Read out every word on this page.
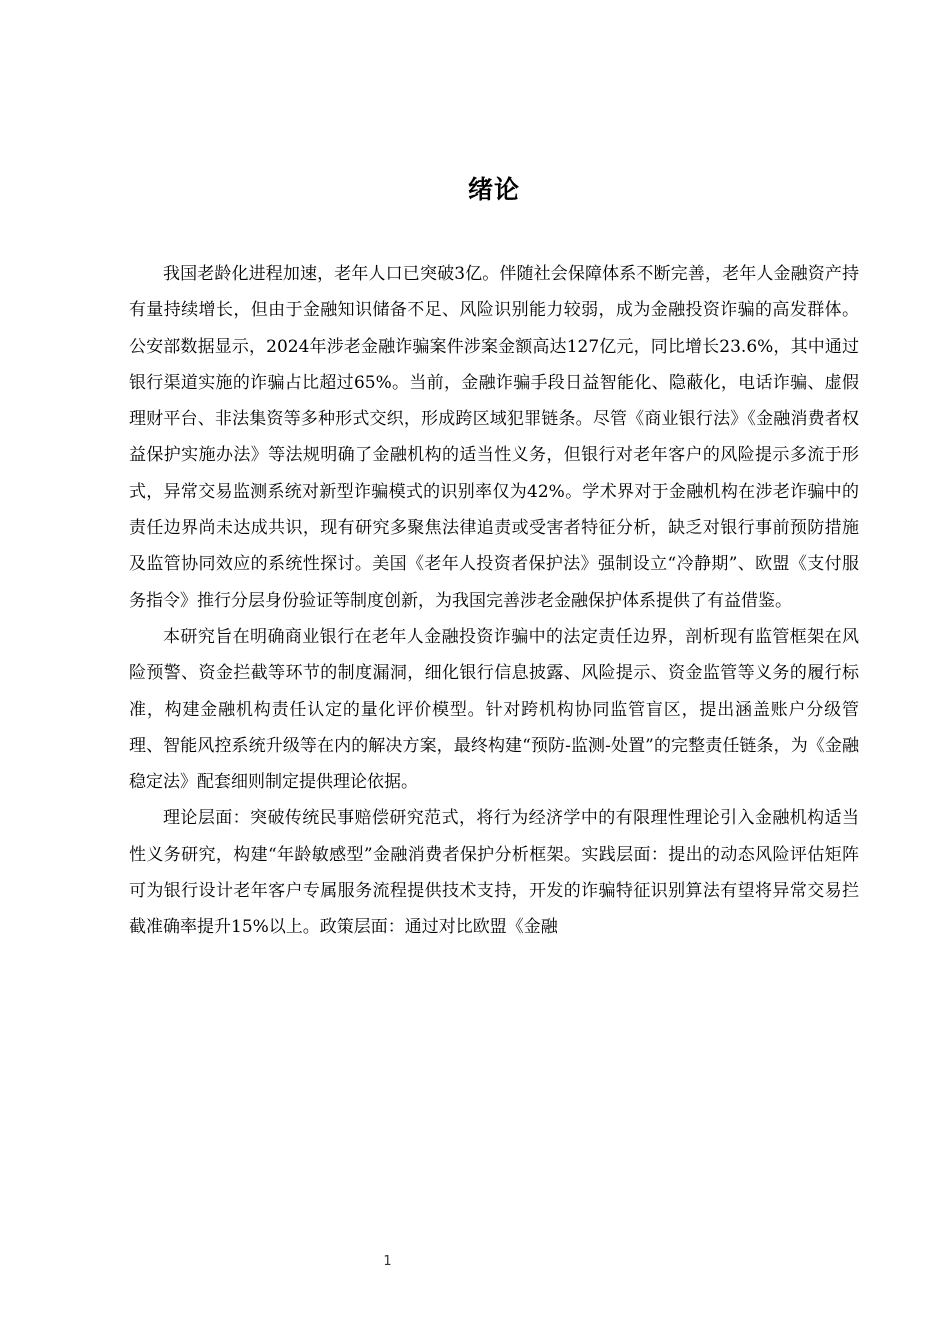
绪论

我国老龄化进程加速，老年人口已突破3亿。伴随社会保障体系不断完善，老年人金融资产持有量持续增长，但由于金融知识储备不足、风险识别能力较弱，成为金融投资诈骗的高发群体。公安部数据显示，2024年涉老金融诈骗案件涉案金额高达127亿元，同比增长23.6%，其中通过银行渠道实施的诈骗占比超过65%。当前，金融诈骗手段日益智能化、隐蔽化，电话诈骗、虚假理财平台、非法集资等多种形式交织，形成跨区域犯罪链条。尽管《商业银行法》《金融消费者权益保护实施办法》等法规明确了金融机构的适当性义务，但银行对老年客户的风险提示多流于形式，异常交易监测系统对新型诈骗模式的识别率仅为42%。学术界对于金融机构在涉老诈骗中的责任边界尚未达成共识，现有研究多聚焦法律追责或受害者特征分析，缺乏对银行事前预防措施及监管协同效应的系统性探讨。美国《老年人投资者保护法》强制设立“冷静期”、欧盟《支付服务指令》推行分层身份验证等制度创新，为我国完善涉老金融保护体系提供了有益借鉴。

本研究旨在明确商业银行在老年人金融投资诈骗中的法定责任边界，剖析现有监管框架在风险预警、资金拦截等环节的制度漏洞，细化银行信息披露、风险提示、资金监管等义务的履行标准，构建金融机构责任认定的量化评价模型。针对跨机构协同监管盲区，提出涵盖账户分级管理、智能风控系统升级等在内的解决方案，最终构建“预防-监测-处置”的完整责任链条，为《金融稳定法》配套细则制定提供理论依据。

理论层面：突破传统民事赔偿研究范式，将行为经济学中的有限理性理论引入金融机构适当性义务研究，构建“年龄敏感型”金融消费者保护分析框架。实践层面：提出的动态风险评估矩阵可为银行设计老年客户专属服务流程提供技术支持，开发的诈骗特征识别算法有望将异常交易拦截准确率提升15%以上。政策层面：通过对比欧盟《金融

1
